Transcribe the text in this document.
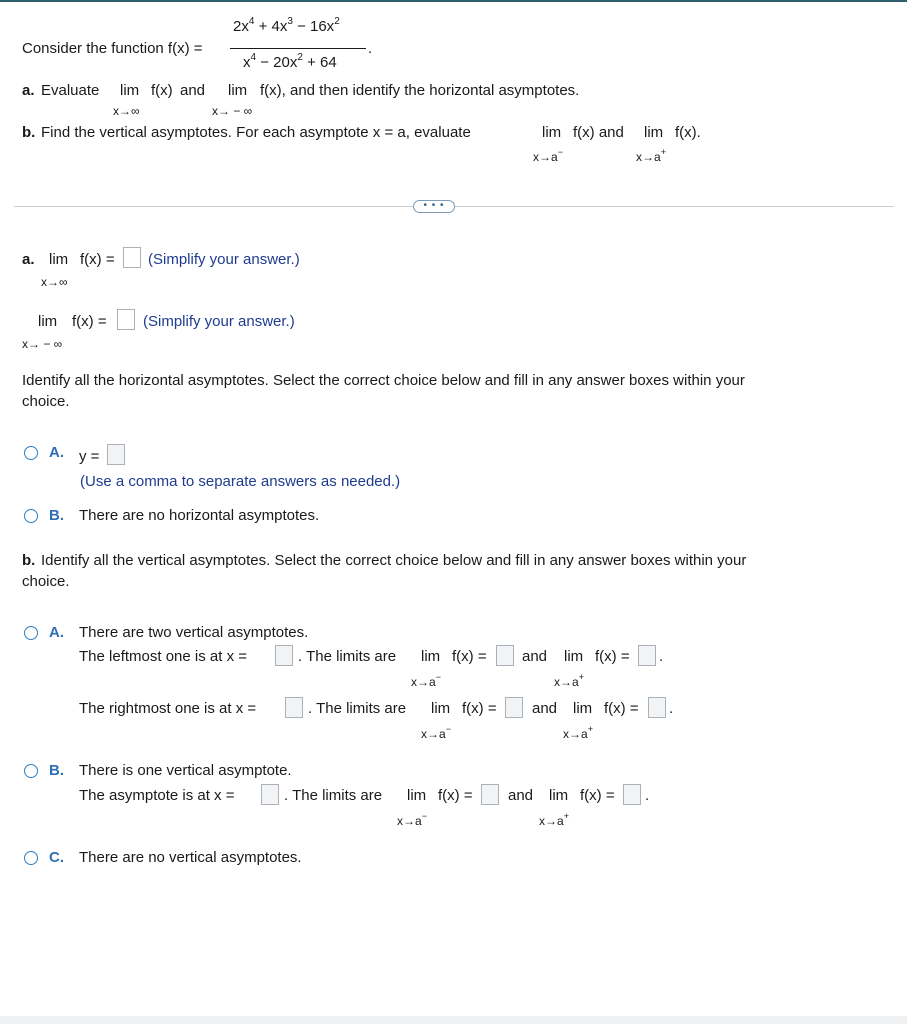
Consider the function f(x) =
$2x^4 + 4x^3 - 16x^2$
$x^4 - 20x^2 + 64$
.
a. Evaluate lim f(x) and lim f(x), and then identify the horizontal asymptotes.
x→∞	x→ − ∞
b. Find the vertical asymptotes. For each asymptote x = a, evaluate	lim f(x) and lim f(x).
x→a−	x→a+
• • •
a. lim f(x) = (Simplify your answer.)
x→∞
lim f(x) = (Simplify your answer.)
x→ − ∞
Identify all the horizontal asymptotes. Select the correct choice below and fill in any answer boxes within your
choice.
A. y =
(Use a comma to separate answers as needed.)
B. There are no horizontal asymptotes.
b. Identify all the vertical asymptotes. Select the correct choice below and fill in any answer boxes within your
choice.
A. There are two vertical asymptotes.
The leftmost one is at x =	. The limits are lim f(x) = and lim f(x) = .
x→a−	x→a+
The rightmost one is at x =	. The limits are lim f(x) = and lim f(x) = .
x→a−	x→a+
B. There is one vertical asymptote.
The asymptote is at x =	. The limits are lim f(x) = and lim f(x) = .
x→a−	x→a+
C. There are no vertical asymptotes.
